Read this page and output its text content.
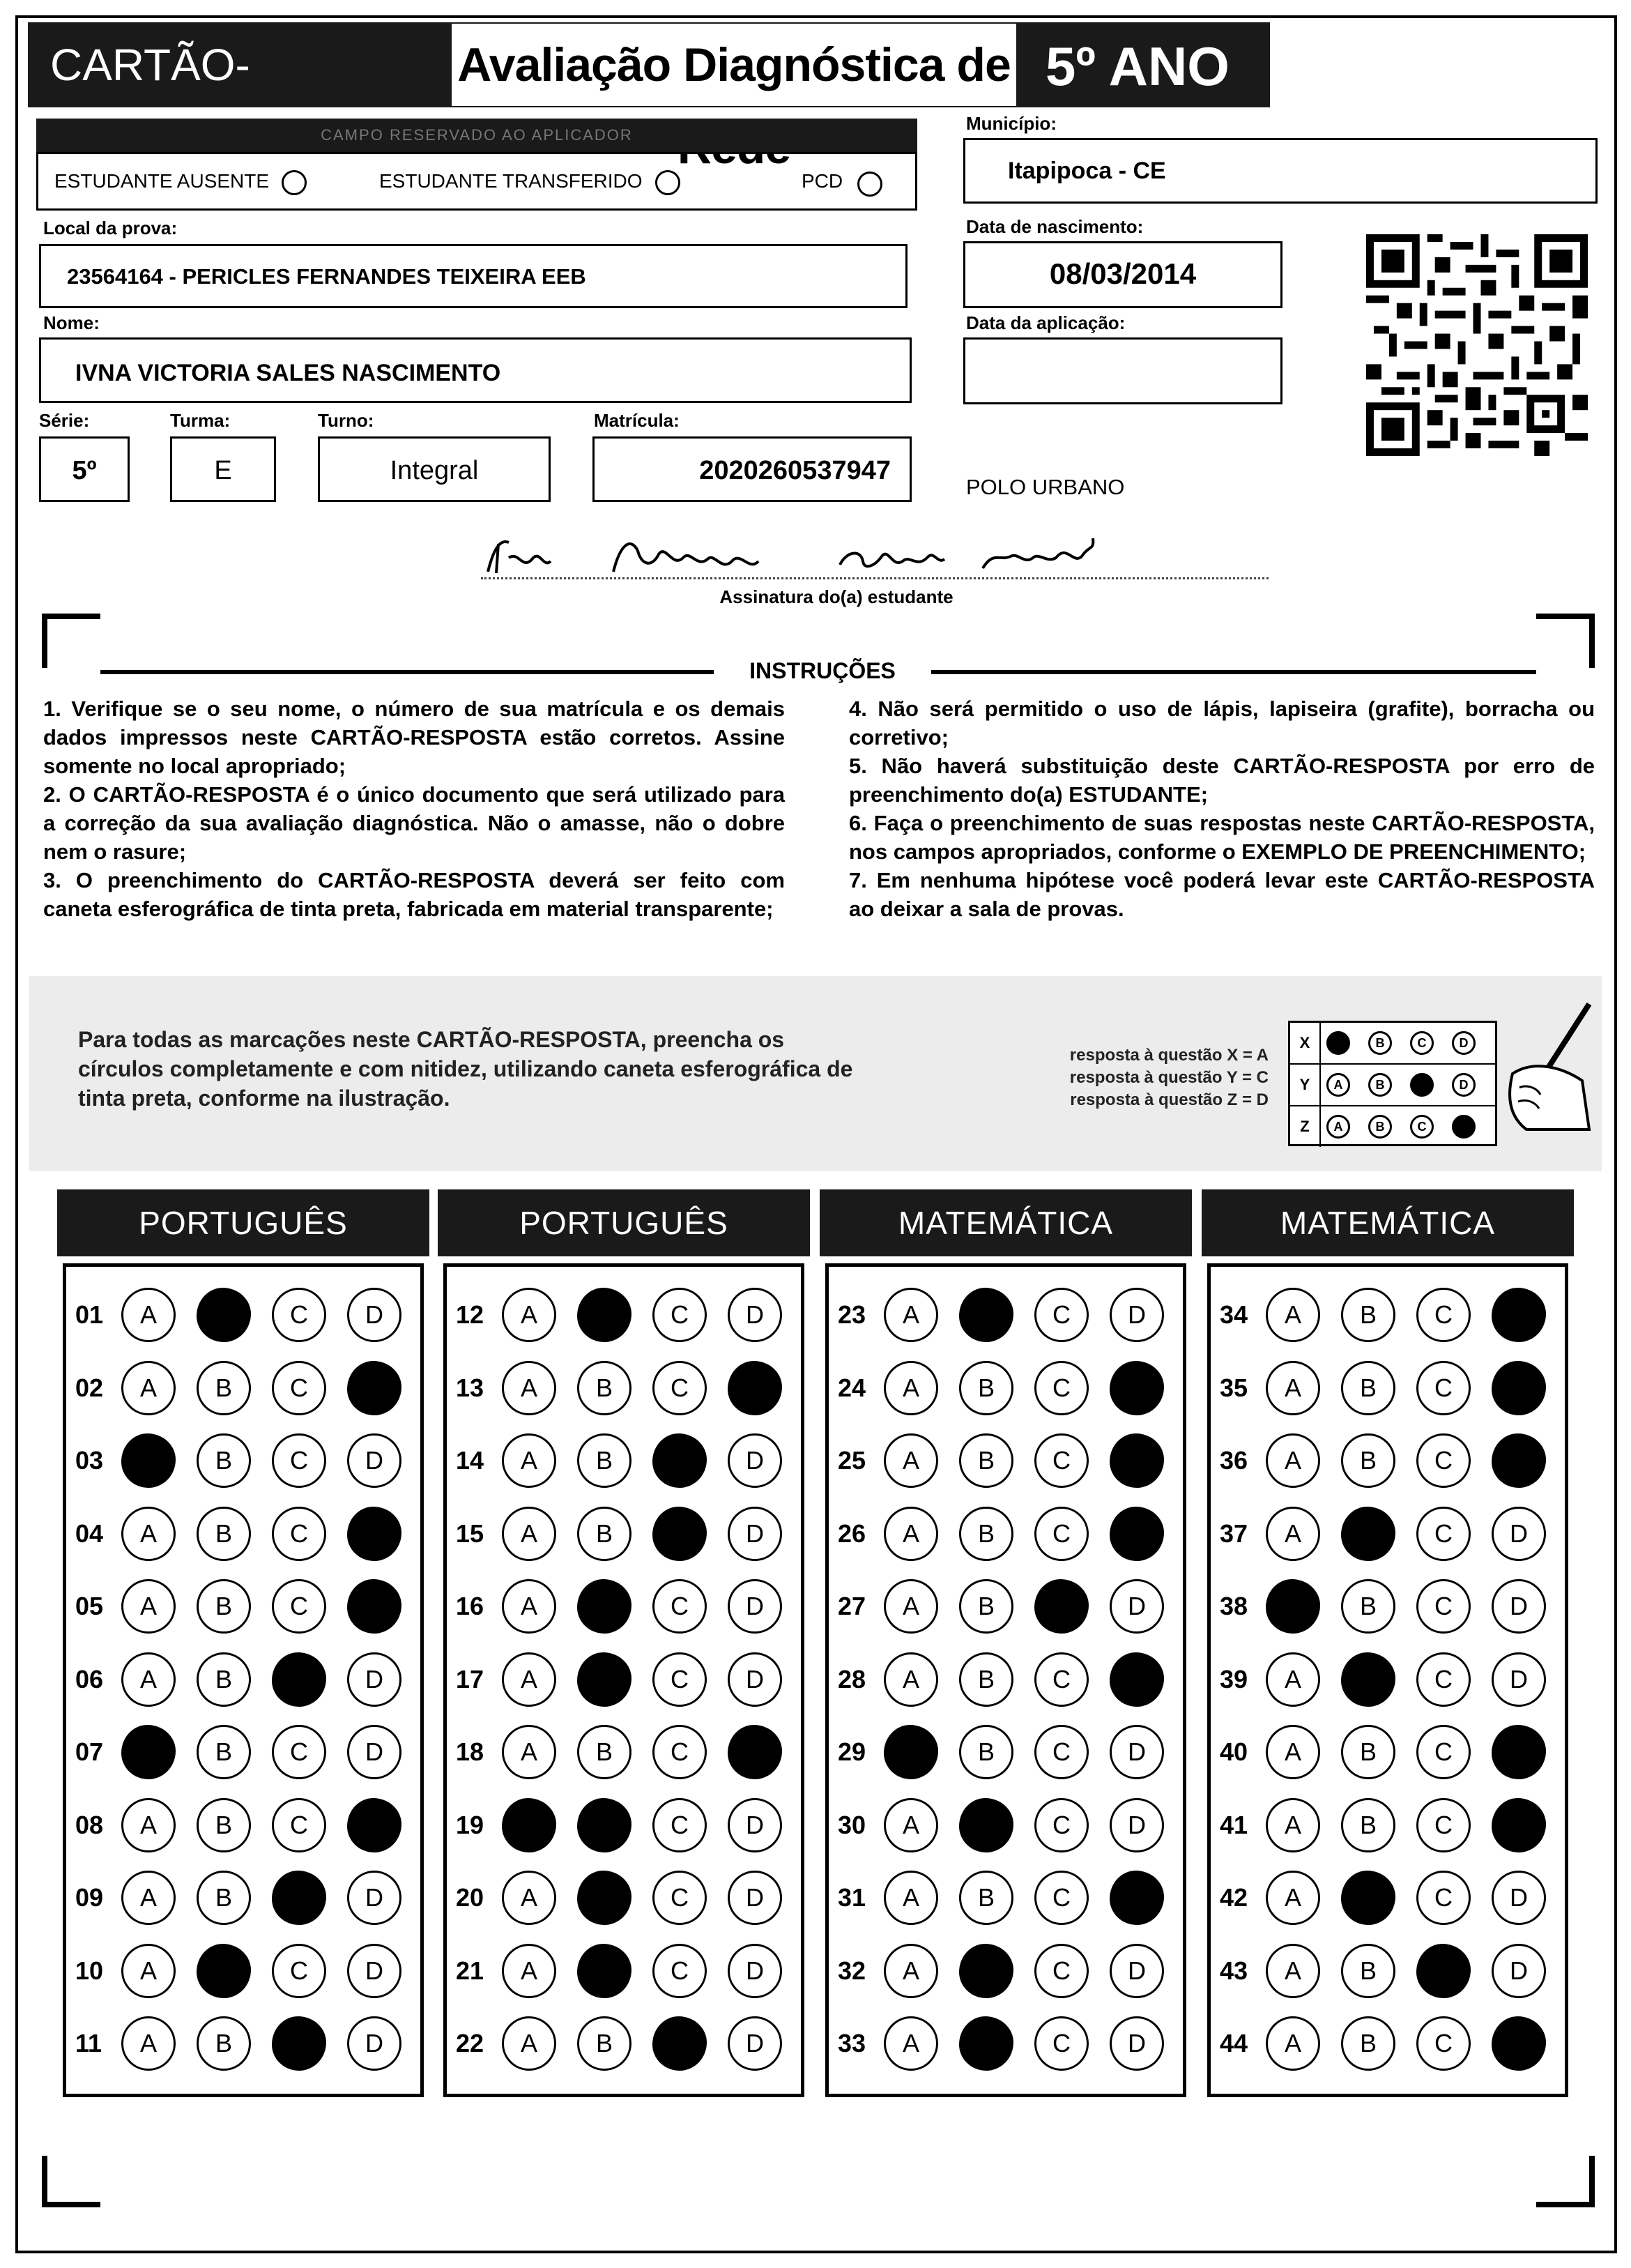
CARTÃO-	Avaliação Diagnóstica de 5º ANO
CAMPO RESERVADO AO APLICADOR
ESTUDANTE AUSENTE	ESTUDANTE TRANSFERIDO	PCD
Município:
Itapipoca - CE
Local da prova:
23564164 - PERICLES FERNANDES TEIXEIRA EEB
Data de nascimento:
08/03/2014
Nome:
IVNA VICTORIA SALES NASCIMENTO
Data da aplicação:
Série:
5º
Turma:
E
Turno:
Integral
Matrícula:
2020260537947
POLO URBANO
Assinatura do(a) estudante
INSTRUÇÕES

1. Verifique se o seu nome, o número de sua matrícula e os demais dados impressos neste CARTÃO-RESPOSTA estão corretos. Assine somente no local apropriado;

2. O CARTÃO-RESPOSTA é o único documento que será utilizado para a correção da sua avaliação diagnóstica. Não o amasse, não o dobre nem o rasure;

3. O preenchimento do CARTÃO-RESPOSTA deverá ser feito com caneta esferográfica de tinta preta, fabricada em material transparente;

4. Não será permitido o uso de lápis, lapiseira (grafite), borracha ou corretivo;

5. Não haverá substituição deste CARTÃO-RESPOSTA por erro de preenchimento do(a) ESTUDANTE;

6. Faça o preenchimento de suas respostas neste CARTÃO-RESPOSTA, nos campos apropriados, conforme o EXEMPLO DE PREENCHIMENTO;

7. Em nenhuma hipótese você poderá levar este CARTÃO-RESPOSTA ao deixar a sala de provas.

Para todas as marcações neste CARTÃO-RESPOSTA, preencha os círculos completamente e com nitidez, utilizando caneta esferográfica de tinta preta, conforme na ilustração.
resposta à questão X = A
resposta à questão Y = C
resposta à questão Z = D
X	A	B	C	D
Y	A	B	C	D
Z	A	B	C	D
PORTUGUÊS
01	A	B	C	D
02	A	B	C	D
03	A	B	C	D
04	A	B	C	D
05	A	B	C	D
06	A	B	C	D
07	A	B	C	D
08	A	B	C	D
09	A	B	C	D
10	A	B	C	D
11	A	B	C	D
PORTUGUÊS
12	A	B	C	D
13	A	B	C	D
14	A	B	C	D
15	A	B	C	D
16	A	B	C	D
17	A	B	C	D
18	A	B	C	D
19	A	B	C	D
20	A	B	C	D
21	A	B	C	D
22	A	B	C	D
MATEMÁTICA
23	A	B	C	D
24	A	B	C	D
25	A	B	C	D
26	A	B	C	D
27	A	B	C	D
28	A	B	C	D
29	A	B	C	D
30	A	B	C	D
31	A	B	C	D
32	A	B	C	D
33	A	B	C	D
MATEMÁTICA
34	A	B	C	D
35	A	B	C	D
36	A	B	C	D
37	A	B	C	D
38	A	B	C	D
39	A	B	C	D
40	A	B	C	D
41	A	B	C	D
42	A	B	C	D
43	A	B	C	D
44	A	B	C	D
